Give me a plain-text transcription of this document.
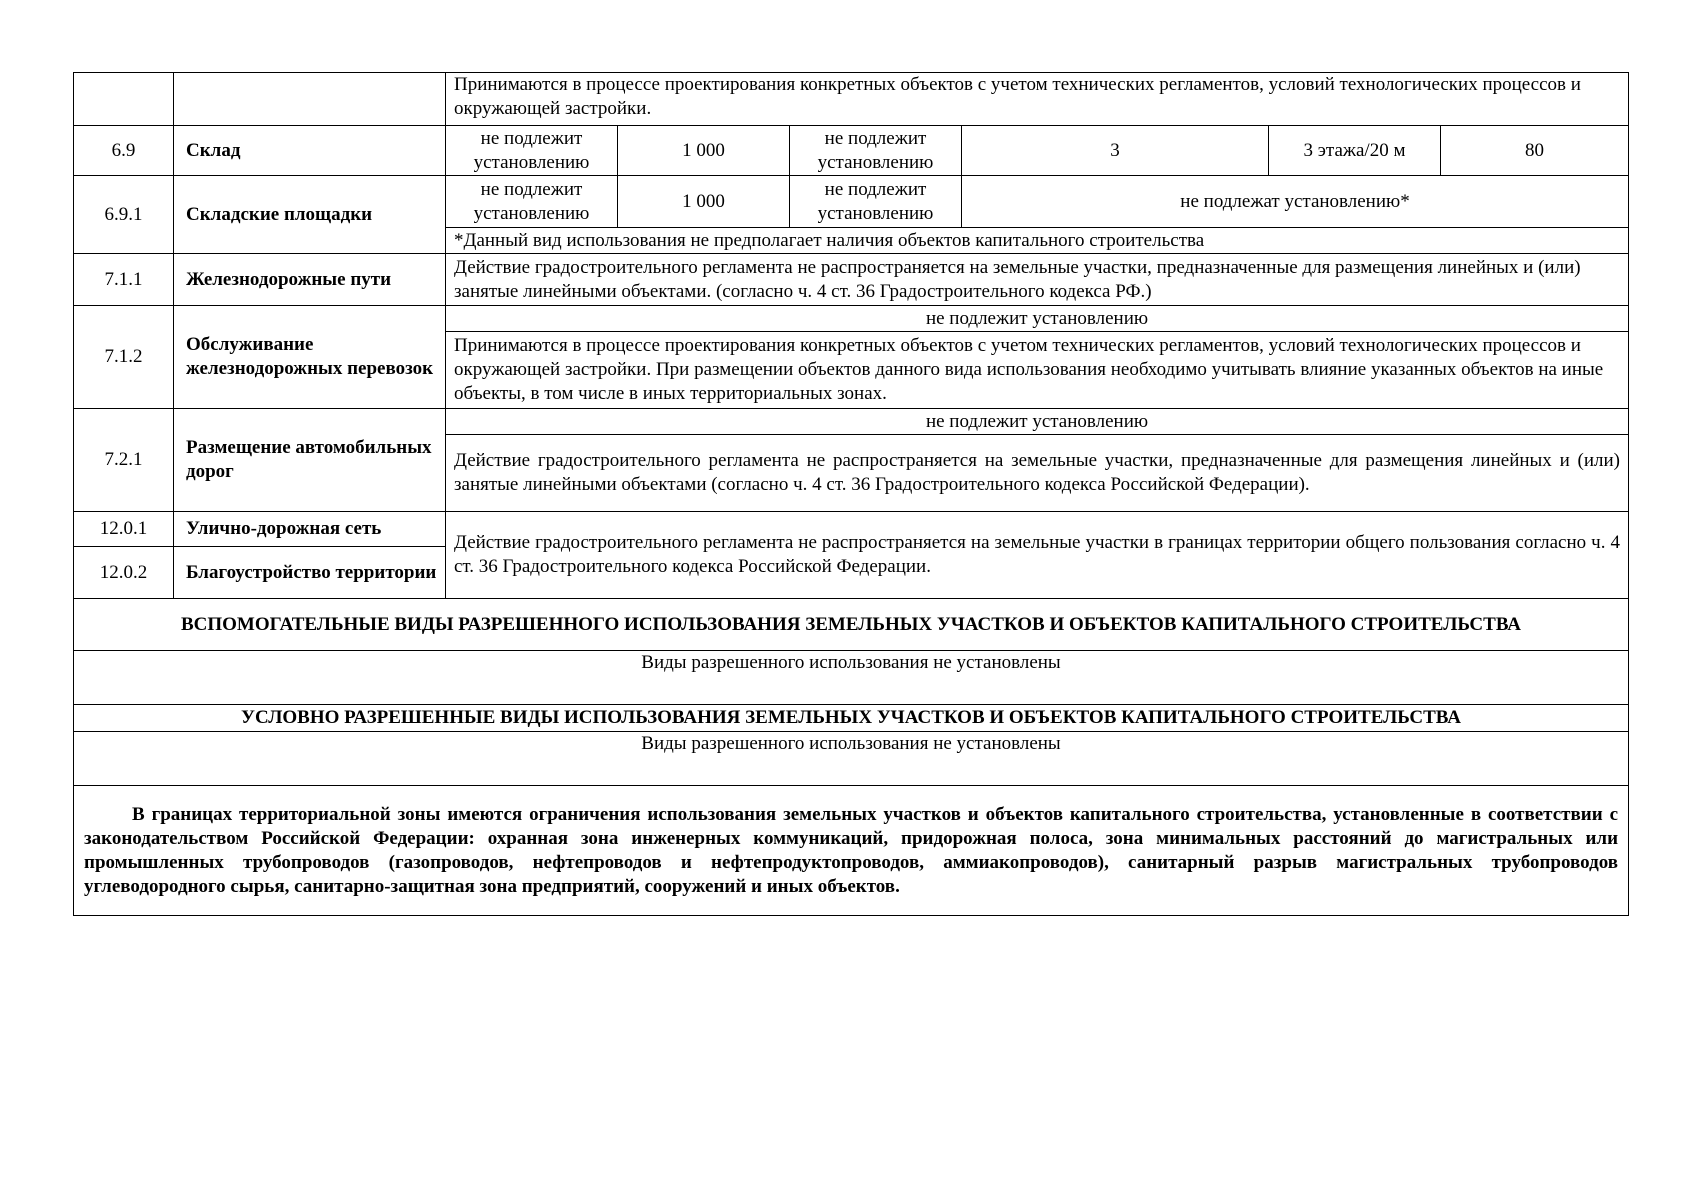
		Принимаются в процессе проектирования конкретных объектов с учетом технических регламентов, условий технологических процессов и окружающей застройки.					
6.9	Склад	не подлежит установлению	1 000	не подлежит установлению	3	3 этажа/20 м	80
6.9.1	Складские площадки	не подлежит установлению	1 000	не подлежит установлению	не подлежат установлению*		
		*Данный вид использования не предполагает наличия объектов капитального строительства					
7.1.1	Железнодорожные пути	Действие градостроительного регламента не распространяется на земельные участки, предназначенные для размещения линейных и (или) занятые линейными объектами. (согласно ч. 4 ст. 36 Градостроительного кодекса РФ.)					
7.1.2	Обслуживание железнодорожных перевозок	не подлежит установлению					
		Принимаются в процессе проектирования конкретных объектов с учетом технических регламентов, условий технологических процессов и окружающей застройки. При размещении объектов данного вида использования необходимо учитывать влияние указанных объектов на иные объекты, в том числе в иных территориальных зонах.					
7.2.1	Размещение автомобильных дорог	не подлежит установлению					
		Действие градостроительного регламента не распространяется на земельные участки, предназначенные для размещения линейных и (или) занятые линейными объектами (согласно ч. 4 ст. 36 Градостроительного кодекса Российской Федерации).					
12.0.1	Улично-дорожная сеть	Действие градостроительного регламента не распространяется на земельные участки в границах территории общего пользования согласно ч. 4 ст. 36 Градостроительного кодекса Российской Федерации.					
12.0.2	Благоустройство территории						
ВСПОМОГАТЕЛЬНЫЕ ВИДЫ РАЗРЕШЕННОГО ИСПОЛЬЗОВАНИЯ ЗЕМЕЛЬНЫХ УЧАСТКОВ И ОБЪЕКТОВ КАПИТАЛЬНОГО СТРОИТЕЛЬСТВА							
Виды разрешенного использования не установлены							
УСЛОВНО РАЗРЕШЕННЫЕ ВИДЫ ИСПОЛЬЗОВАНИЯ ЗЕМЕЛЬНЫХ УЧАСТКОВ И ОБЪЕКТОВ КАПИТАЛЬНОГО СТРОИТЕЛЬСТВА							
Виды разрешенного использования не установлены							
В границах территориальной зоны имеются ограничения использования земельных участков и объектов капитального строительства, установленные в соответствии с законодательством Российской Федерации: охранная зона инженерных коммуникаций, придорожная полоса, зона минимальных расстояний до магистральных или промышленных трубопроводов (газопроводов, нефтепроводов и нефтепродуктопроводов, аммиакопроводов), санитарный разрыв магистральных трубопроводов углеводородного сырья, санитарно-защитная зона предприятий, сооружений и иных объектов.							
